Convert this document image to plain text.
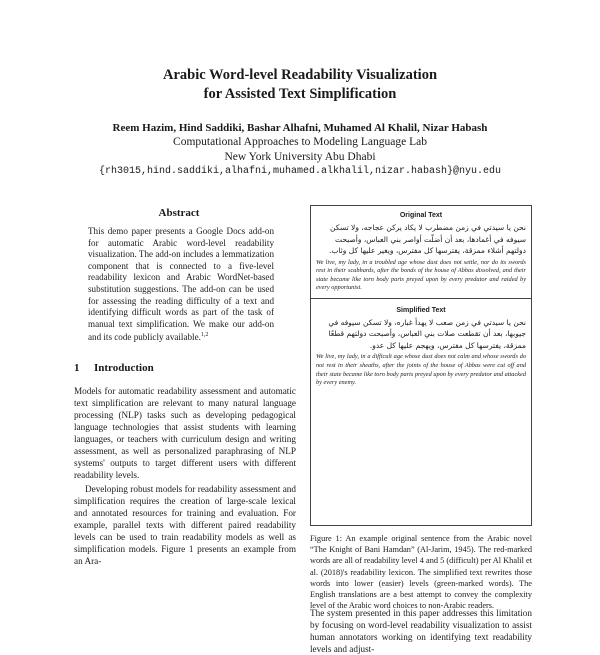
Arabic Word-level Readability Visualization
for Assisted Text Simplification
Reem Hazim, Hind Saddiki, Bashar Alhafni, Muhamed Al Khalil, Nizar Habash
Computational Approaches to Modeling Language Lab
New York University Abu Dhabi
{rh3015,hind.saddiki,alhafni,muhamed.alkhalil,nizar.habash}@nyu.edu
Abstract
This demo paper presents a Google Docs add-on for automatic Arabic word-level readability visualization. The add-on includes a lemmatization component that is connected to a five-level readability lexicon and Arabic WordNet-based substitution suggestions. The add-on can be used for assessing the reading difficulty of a text and identifying difficult words as part of the task of manual text simplification. We make our add-on and its code publicly available.$^{1,2}$
1 Introduction

Models for automatic readability assessment and automatic text simplification are relevant to many natural language processing (NLP) tasks such as developing pedagogical language technologies that assist students with learning languages, or teachers with curriculum design and writing assessment, as well as personalized paraphrasing of NLP systems' outputs to target different users with different readability levels.

Developing robust models for readability assessment and simplification requires the creation of large-scale lexical and annotated resources for training and evaluation. For example, parallel texts with different paired readability levels can be used to train readability models as well as simplification models. Figure 1 presents an example from an Ara-

Original Text
نحن يا سيدتي في زمن مضطرب لا يكاد يركن عجاجه، ولا تسكن سيوفه في أغمادها، بعد أن أضلّت أواصر بني العباس، وأصبحت دولتهم أشلاء ممزقة، يفترسها كل مفترس، ويغير عليها كل وثاب.
We live, my lady, in a troubled age whose dust does not settle, nor do its swords rest in their scabbards, after the bonds of the house of Abbas dissolved, and their state became like torn body parts preyed upon by every predator and raided by every opportunist.
Simplified Text
نحن يا سيدتي في زمن صعب لا يهدأ غباره، ولا تسكن سيوفه في جيوبها، بعد أن تقطعت صلات بني العباس، وأصبحت دولتهم قطعًا ممزقة، يفترسها كل مفترس، ويهجم عليها كل عدو.
We live, my lady, in a difficult age whose dust does not calm and whose swords do not rest in their sheaths, after the joints of the house of Abbas were cut off and their state became like torn body parts preyed upon by every predator and attacked by every enemy.
Figure 1: An example original sentence from the Arabic novel “The Knight of Bani Hamdan” (Al-Jarim, 1945). The red-marked words are all of readability level 4 and 5 (difficult) per Al Khalil et al. (2018)'s readability lexicon. The simplified text rewrites those words into lower (easier) levels (green-marked words). The English translations are a best attempt to convey the complexity level of the Arabic word choices to non-Arabic readers.
The system presented in this paper addresses this limitation by focusing on word-level readability visualization to assist human annotators working on identifying text readability levels and adjust-
